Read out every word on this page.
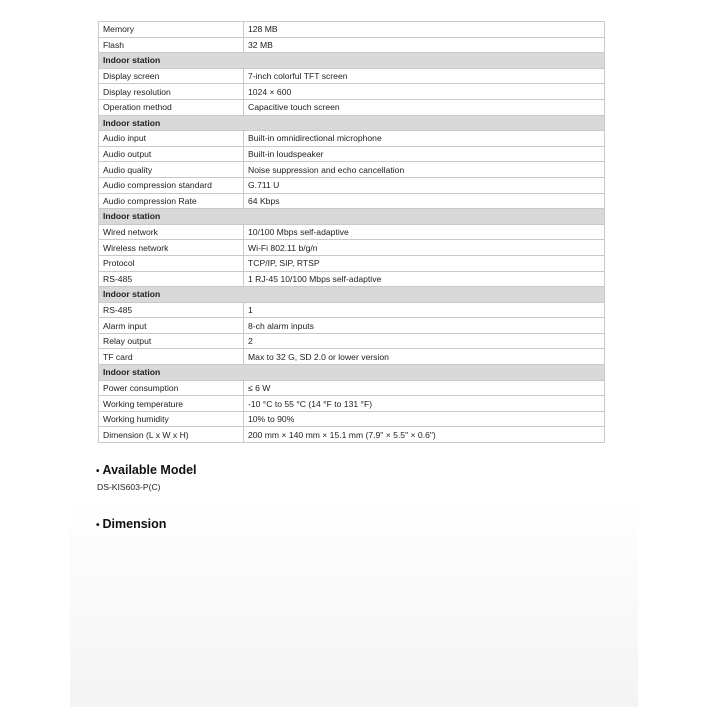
Memory	128 MB
Flash	32 MB
Indoor station	
Display screen	7-inch colorful TFT screen
Display resolution	1024 × 600
Operation method	Capacitive touch screen
Indoor station	
Audio input	Built-in omnidirectional microphone
Audio output	Built-in loudspeaker
Audio quality	Noise suppression and echo cancellation
Audio compression standard	G.711 U
Audio compression Rate	64 Kbps
Indoor station	
Wired network	10/100 Mbps self-adaptive
Wireless network	Wi-Fi 802.11 b/g/n
Protocol	TCP/IP, SIP, RTSP
RS-485	1 RJ-45 10/100 Mbps self-adaptive
Indoor station	
RS-485	1
Alarm input	8-ch alarm inputs
Relay output	2
TF card	Max to 32 G, SD 2.0 or lower version
Indoor station	
Power consumption	≤ 6 W
Working temperature	-10 °C to 55 °C (14 °F to 131 °F)
Working humidity	10% to 90%
Dimension (L x W x H)	200 mm × 140 mm × 15.1 mm (7.9" × 5.5" × 0.6")
• Available Model
DS-KIS603-P(C)
• Dimension
